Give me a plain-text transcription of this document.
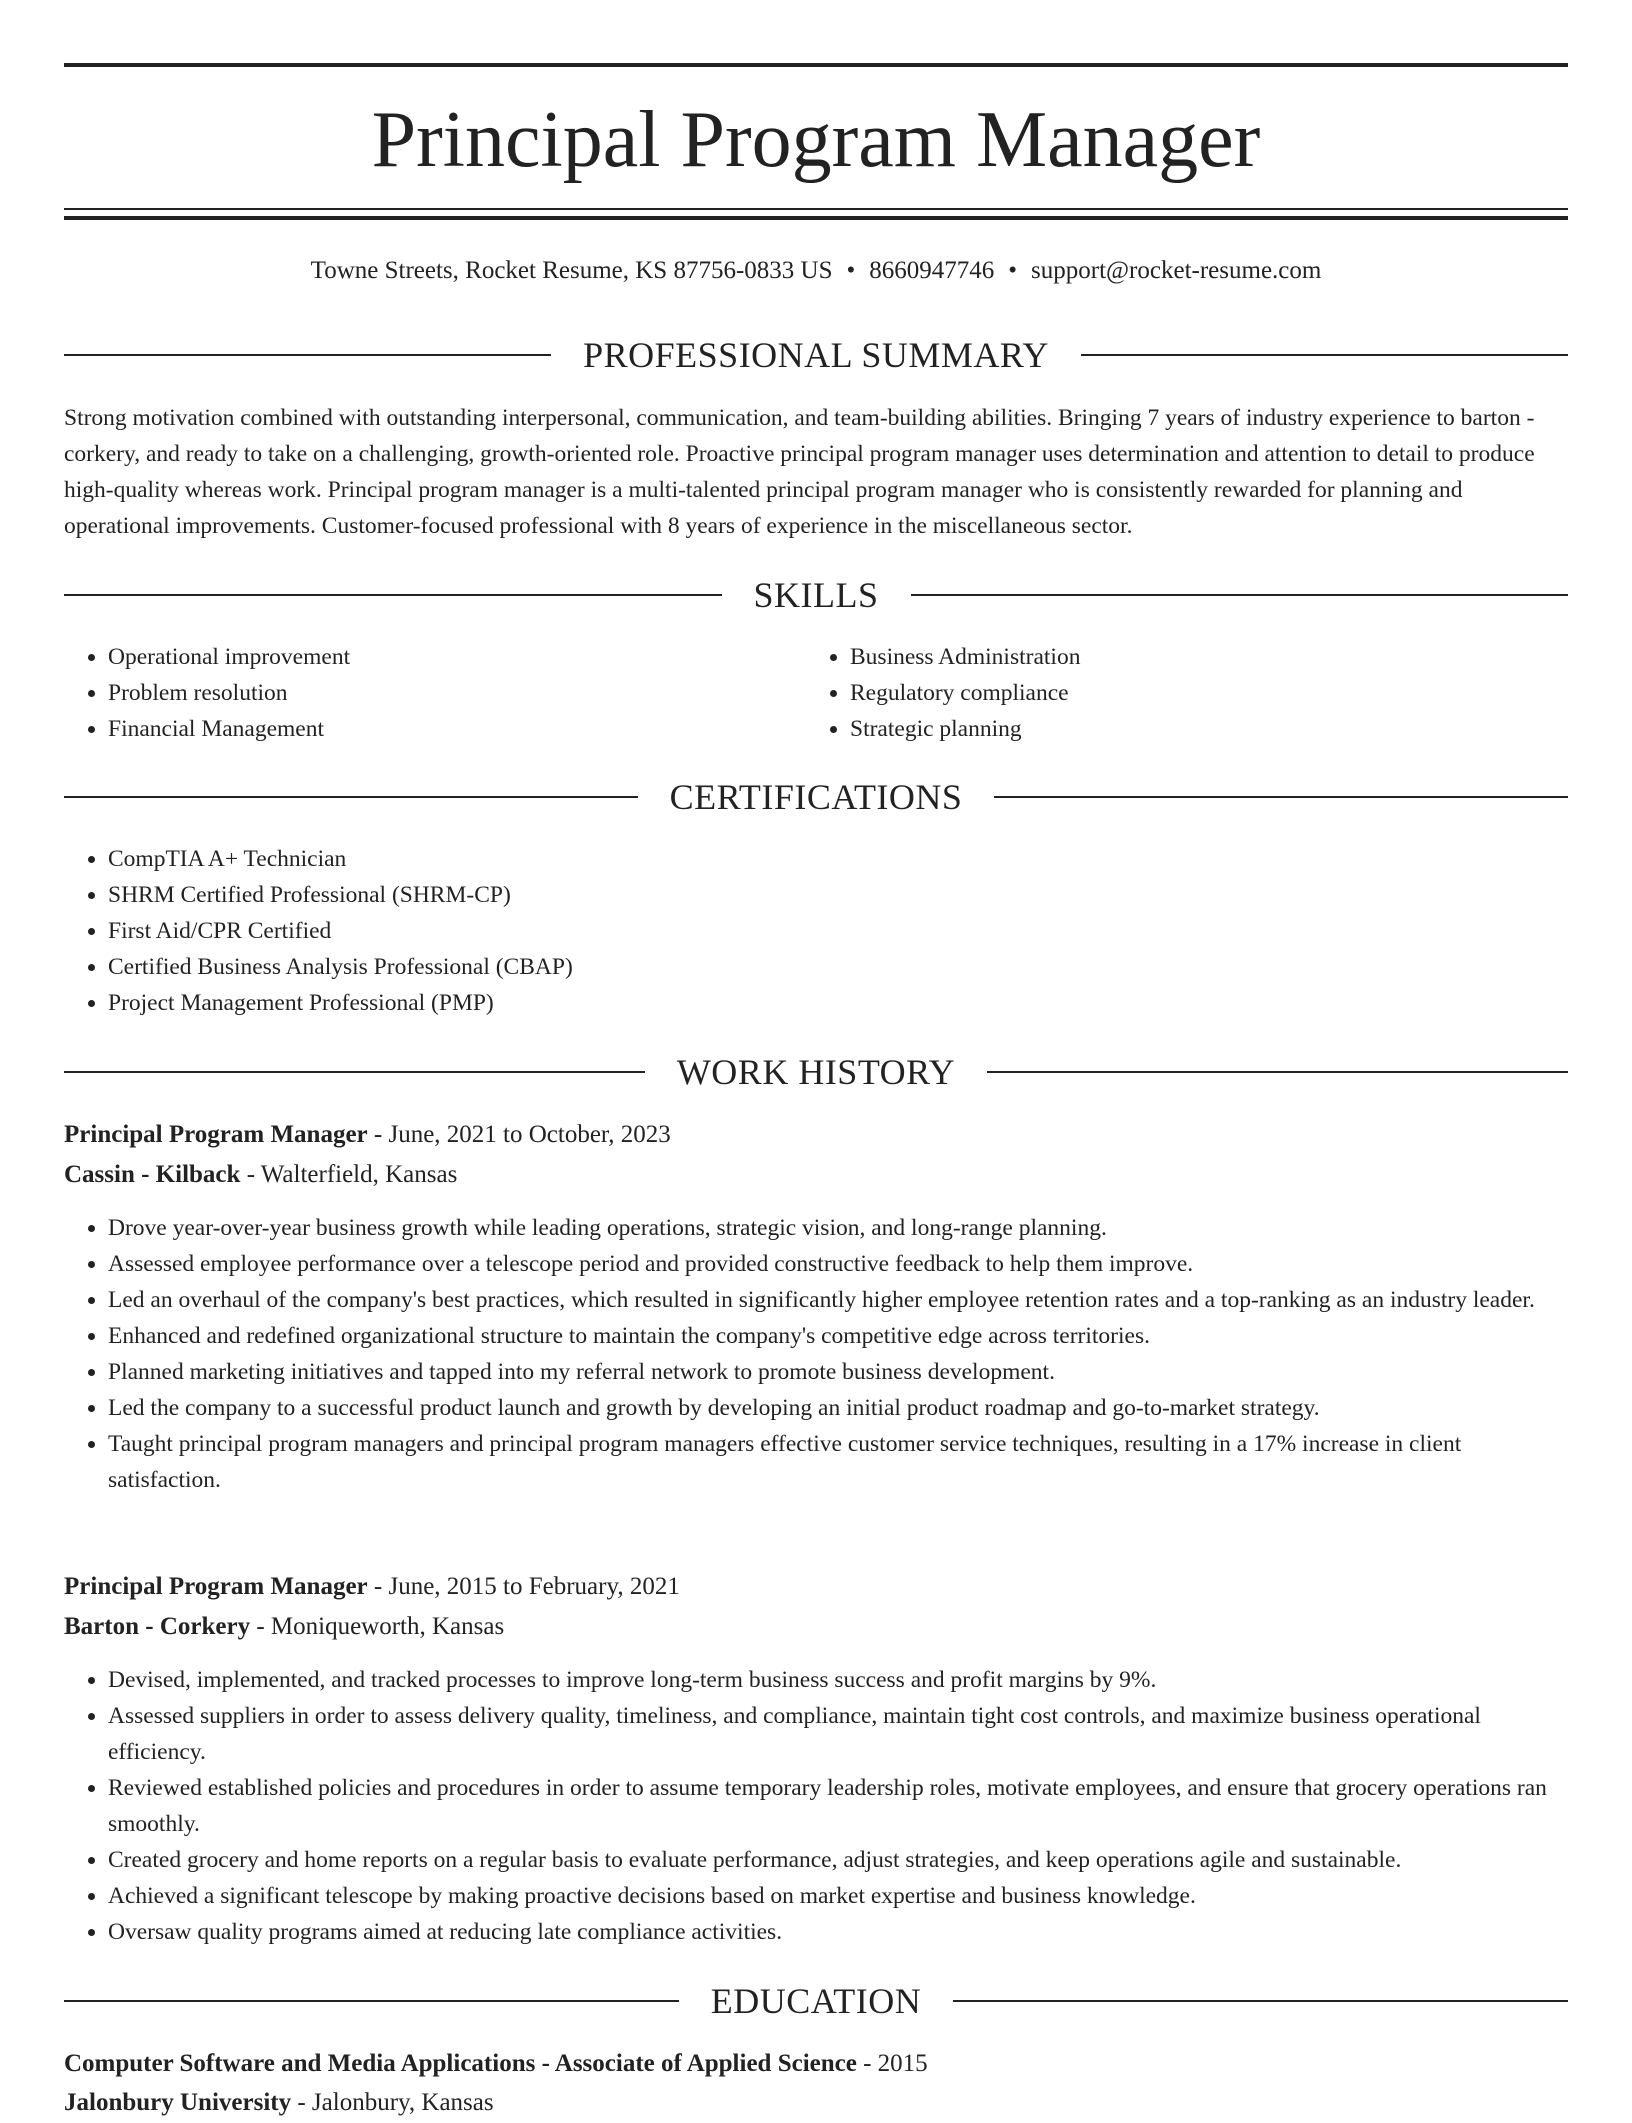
Principal Program Manager
Towne Streets, Rocket Resume, KS 87756-0833 US • 8660947746 • support@rocket-resume.com
PROFESSIONAL SUMMARY

Strong motivation combined with outstanding interpersonal, communication, and team-building abilities. Bringing 7 years of industry experience to barton - corkery, and ready to take on a challenging, growth-oriented role. Proactive principal program manager uses determination and attention to detail to produce high-quality whereas work. Principal program manager is a multi-talented principal program manager who is consistently rewarded for planning and operational improvements. Customer-focused professional with 8 years of experience in the miscellaneous sector.

SKILLS
• Operational improvement
• Problem resolution
• Financial Management
• Business Administration
• Regulatory compliance
• Strategic planning
CERTIFICATIONS
• CompTIA A+ Technician
• SHRM Certified Professional (SHRM-CP)
• First Aid/CPR Certified
• Certified Business Analysis Professional (CBAP)
• Project Management Professional (PMP)
WORK HISTORY
Principal Program Manager - June, 2021 to October, 2023
Cassin - Kilback - Walterfield, Kansas
• Drove year-over-year business growth while leading operations, strategic vision, and long-range planning.
• Assessed employee performance over a telescope period and provided constructive feedback to help them improve.
• Led an overhaul of the company's best practices, which resulted in significantly higher employee retention rates and a top-ranking as an industry leader.
• Enhanced and redefined organizational structure to maintain the company's competitive edge across territories.
• Planned marketing initiatives and tapped into my referral network to promote business development.
• Led the company to a successful product launch and growth by developing an initial product roadmap and go-to-market strategy.
• Taught principal program managers and principal program managers effective customer service techniques, resulting in a 17% increase in client satisfaction.
Principal Program Manager - June, 2015 to February, 2021
Barton - Corkery - Moniqueworth, Kansas
• Devised, implemented, and tracked processes to improve long-term business success and profit margins by 9%.
• Assessed suppliers in order to assess delivery quality, timeliness, and compliance, maintain tight cost controls, and maximize business operational efficiency.
• Reviewed established policies and procedures in order to assume temporary leadership roles, motivate employees, and ensure that grocery operations ran smoothly.
• Created grocery and home reports on a regular basis to evaluate performance, adjust strategies, and keep operations agile and sustainable.
• Achieved a significant telescope by making proactive decisions based on market expertise and business knowledge.
• Oversaw quality programs aimed at reducing late compliance activities.
EDUCATION
Computer Software and Media Applications - Associate of Applied Science - 2015
Jalonbury University - Jalonbury, Kansas
